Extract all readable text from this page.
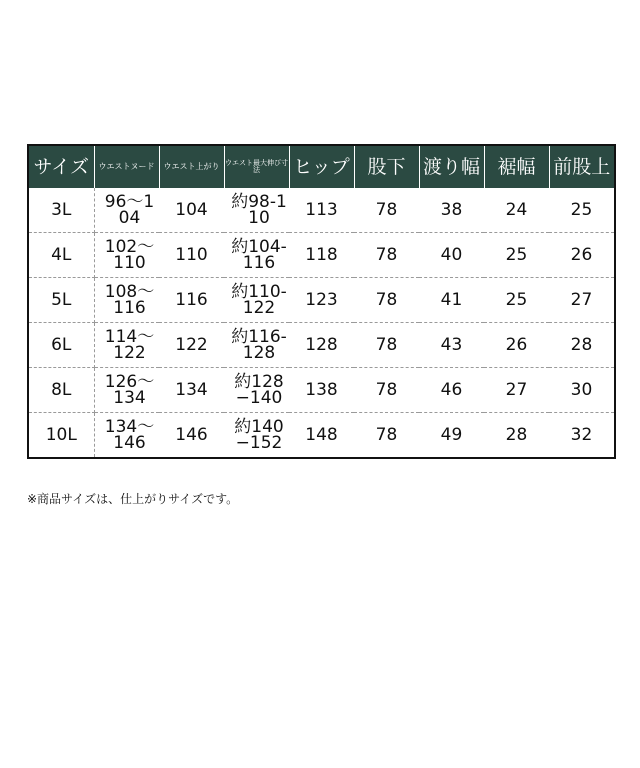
サイズ	ウエストヌード	ウエスト上がり	ウエスト最大伸び寸法	ヒップ	股下	渡り幅	裾幅	前股上
3L	96～104	104	約98-110	113	78	38	24	25
4L	102～110	110	約104-116	118	78	40	25	26
5L	108～116	116	約110-122	123	78	41	25	27
6L	114～122	122	約116-128	128	78	43	26	28
8L	126～134	134	約128−140	138	78	46	27	30
10L	134～146	146	約140−152	148	78	49	28	32

※商品サイズは、仕上がりサイズです。
